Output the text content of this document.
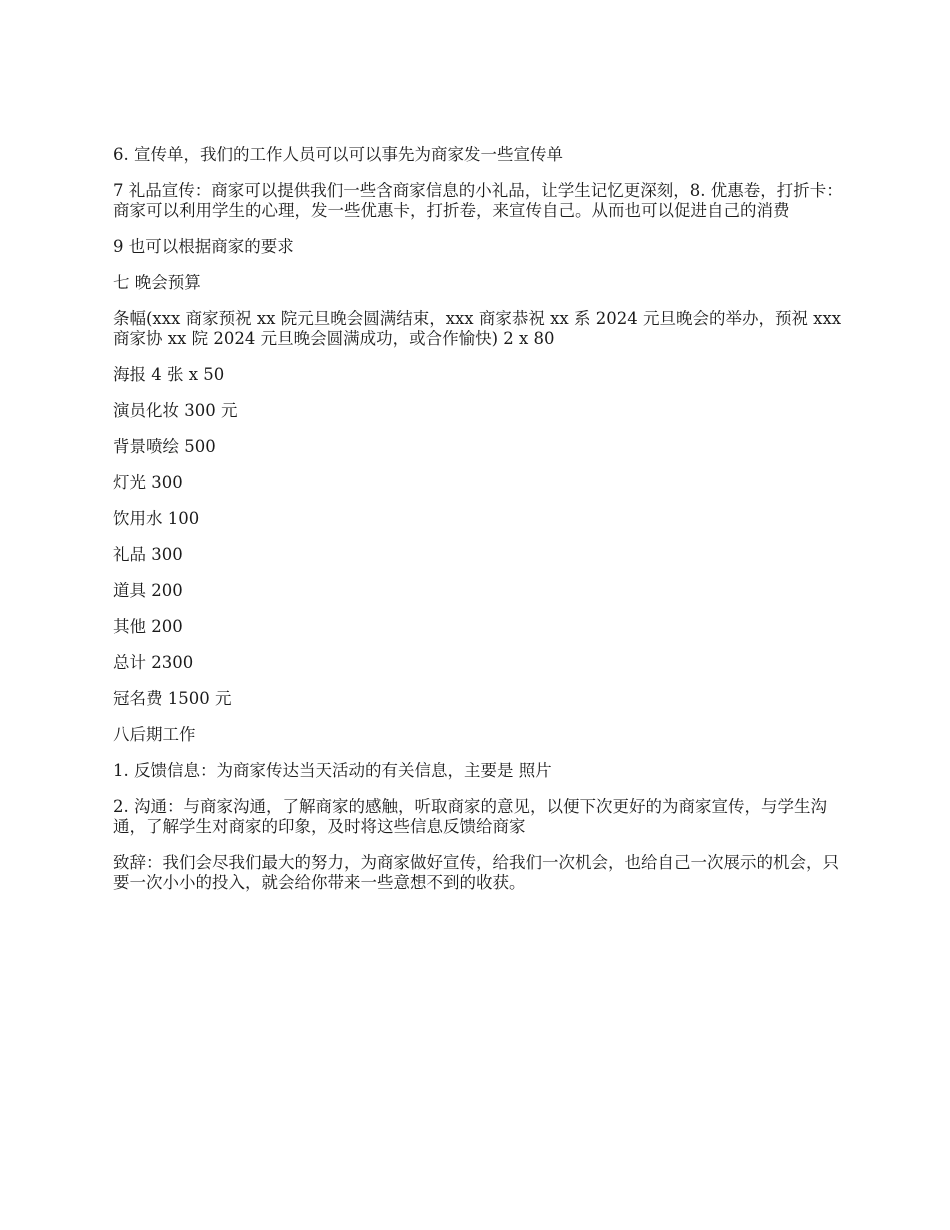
6. 宣传单，我们的工作人员可以可以事先为商家发一些宣传单

7 礼品宣传：商家可以提供我们一些含商家信息的小礼品，让学生记忆更深刻，8. 优惠卷，打折卡：商家可以利用学生的心理，发一些优惠卡，打折卷，来宣传自己。从而也可以促进自己的消费

9 也可以根据商家的要求

七 晚会预算

条幅(xxx 商家预祝 xx 院元旦晚会圆满结束，xxx 商家恭祝 xx 系 2024 元旦晚会的举办，预祝 xxx 商家协 xx 院 2024 元旦晚会圆满成功，或合作愉快) 2 x 80

海报 4 张 x 50

演员化妆 300 元

背景喷绘 500

灯光 300

饮用水 100

礼品 300

道具 200

其他 200

总计 2300

冠名费 1500 元

八后期工作

1. 反馈信息：为商家传达当天活动的有关信息，主要是 照片

2. 沟通：与商家沟通，了解商家的感触，听取商家的意见，以便下次更好的为商家宣传，与学生沟通，了解学生对商家的印象，及时将这些信息反馈给商家

致辞：我们会尽我们最大的努力，为商家做好宣传，给我们一次机会，也给自己一次展示的机会，只要一次小小的投入，就会给你带来一些意想不到的收获。
